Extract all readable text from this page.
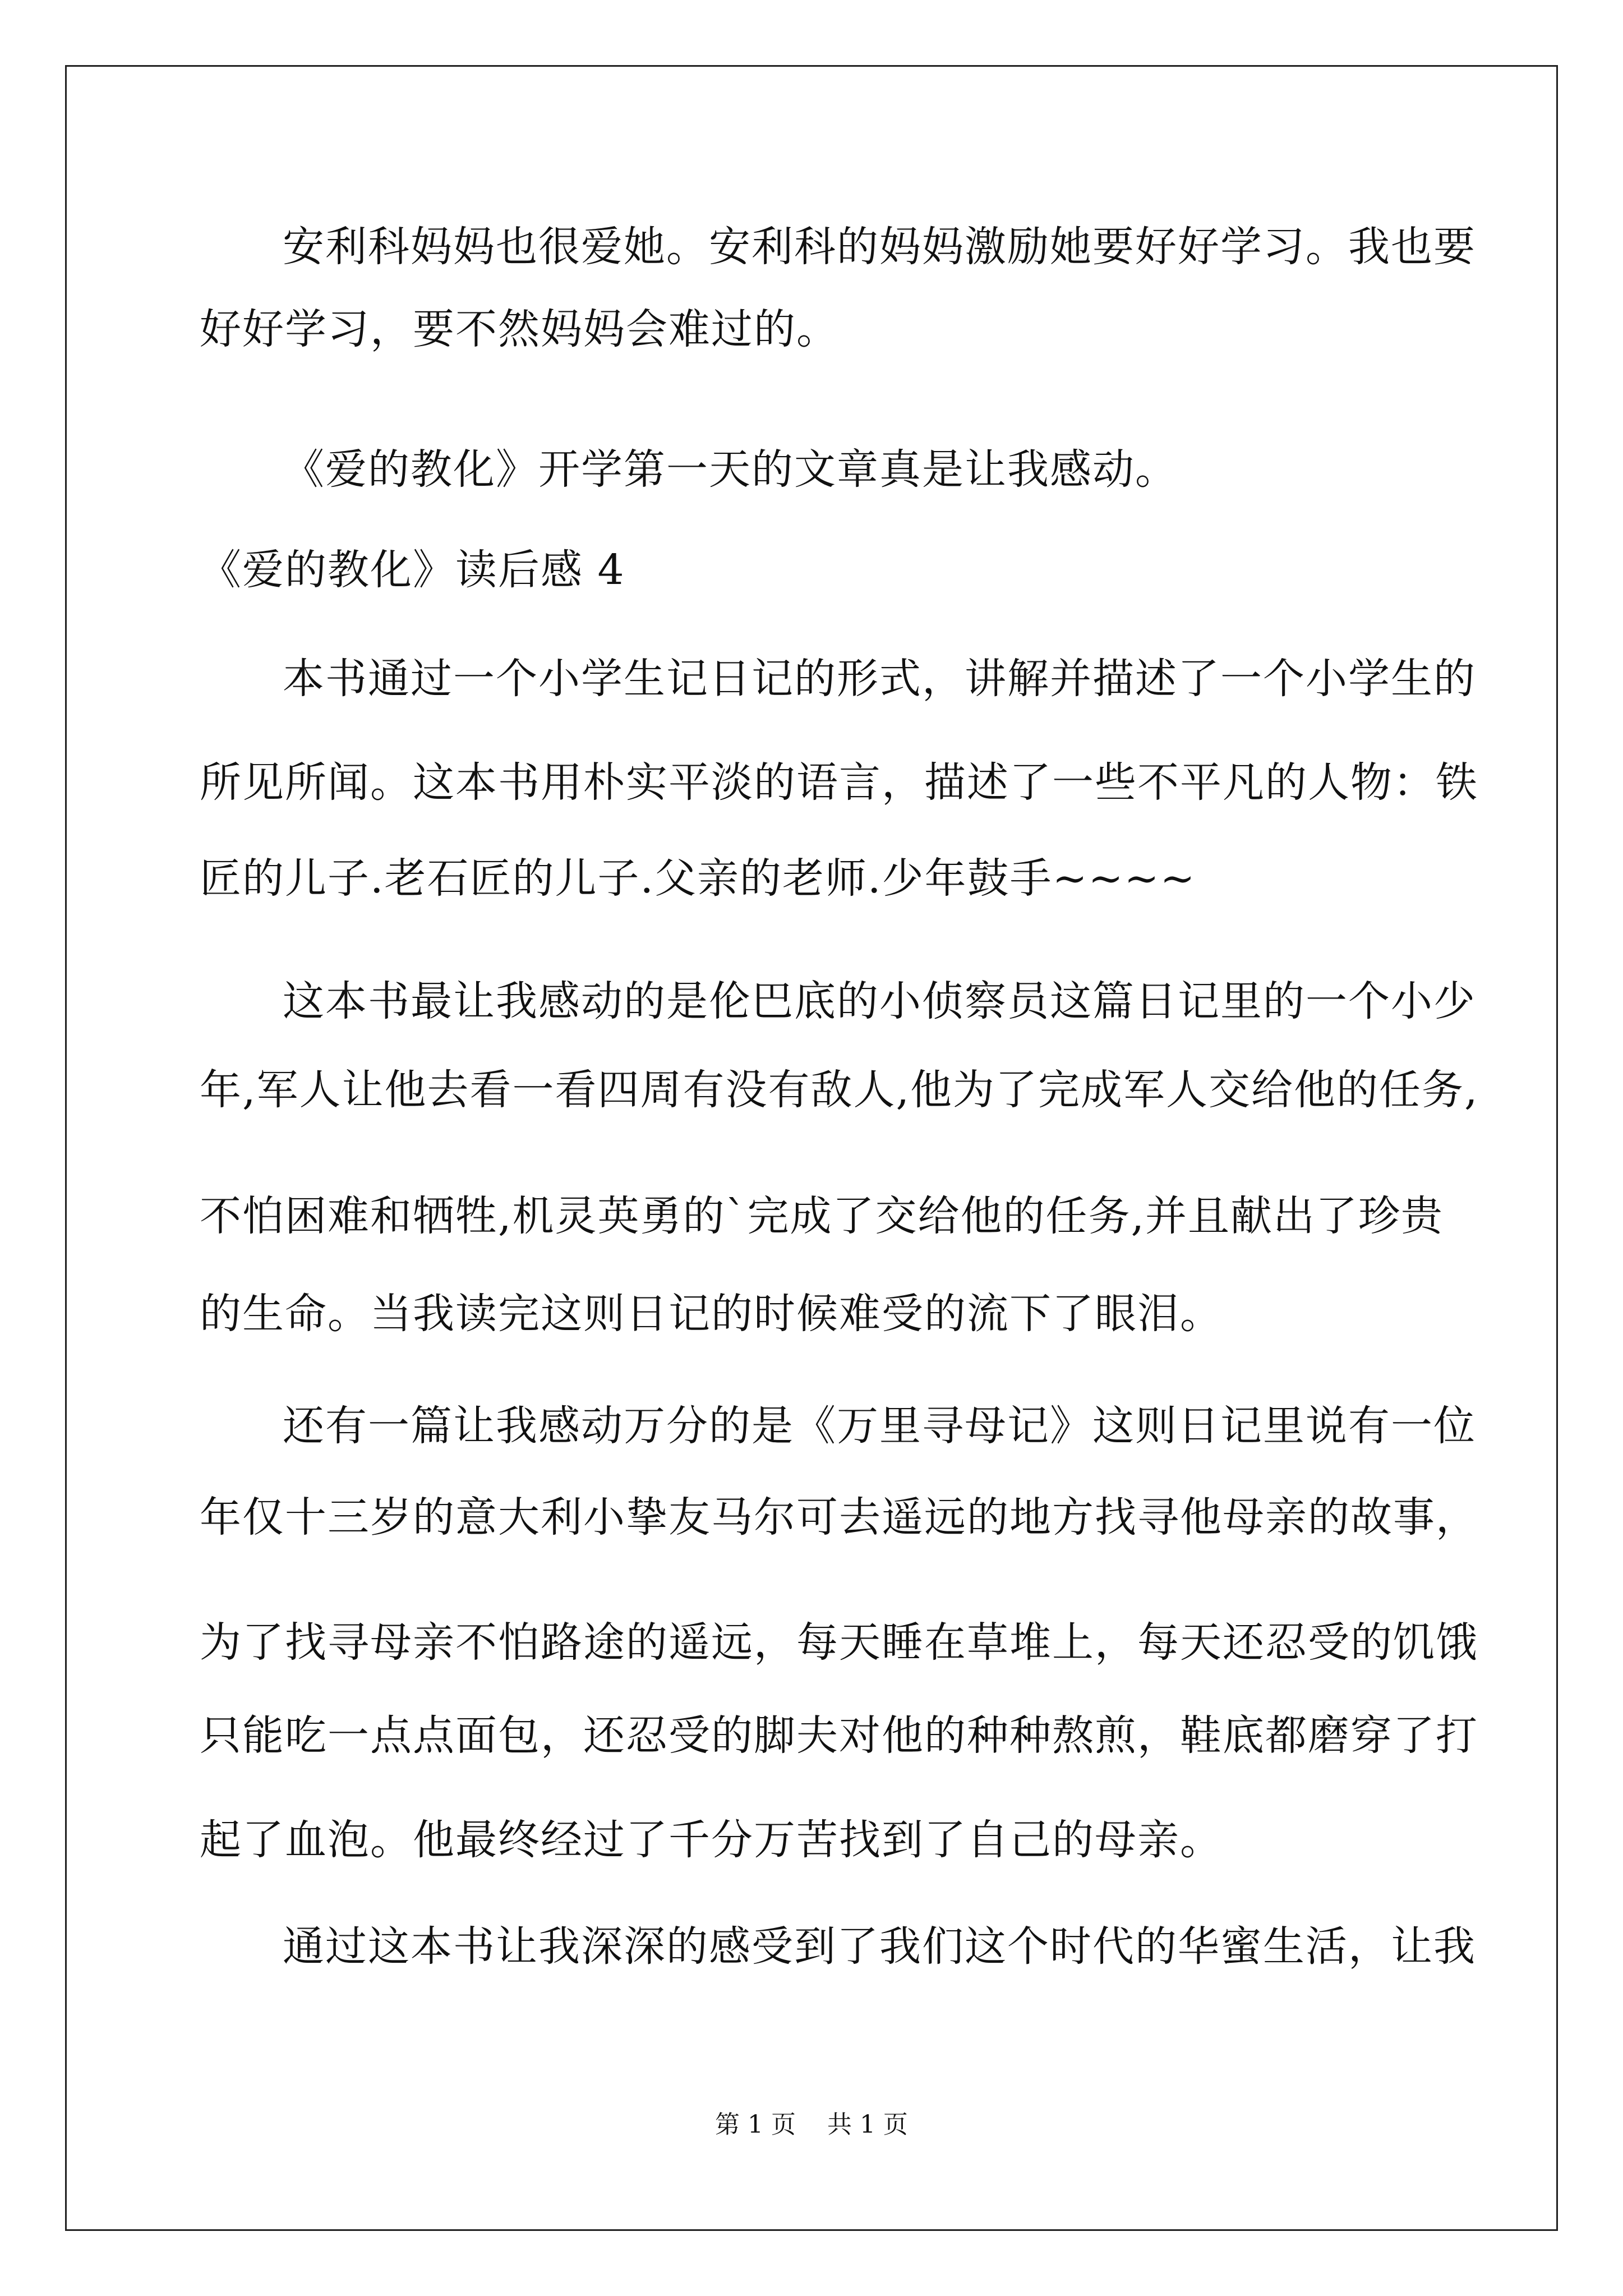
安利科妈妈也很爱她。安利科的妈妈激励她要好好学习。我也要

好好学习，要不然妈妈会难过的。

《爱的教化》开学第一天的文章真是让我感动。

《爱的教化》读后感 4

本书通过一个小学生记日记的形式，讲解并描述了一个小学生的

所见所闻。这本书用朴实平淡的语言，描述了一些不平凡的人物：铁

匠的儿子.老石匠的儿子.父亲的老师.少年鼓手~~~~

这本书最让我感动的是伦巴底的小侦察员这篇日记里的一个小少

年,军人让他去看一看四周有没有敌人,他为了完成军人交给他的任务,

不怕困难和牺牲,机灵英勇的`完成了交给他的任务,并且献出了珍贵

的生命。当我读完这则日记的时候难受的流下了眼泪。

还有一篇让我感动万分的是《万里寻母记》这则日记里说有一位

年仅十三岁的意大利小挚友马尔可去遥远的地方找寻他母亲的故事，

为了找寻母亲不怕路途的遥远，每天睡在草堆上，每天还忍受的饥饿

只能吃一点点面包，还忍受的脚夫对他的种种熬煎，鞋底都磨穿了打

起了血泡。他最终经过了千分万苦找到了自己的母亲。

通过这本书让我深深的感受到了我们这个时代的华蜜生活，让我

第 1 页    共 1 页
